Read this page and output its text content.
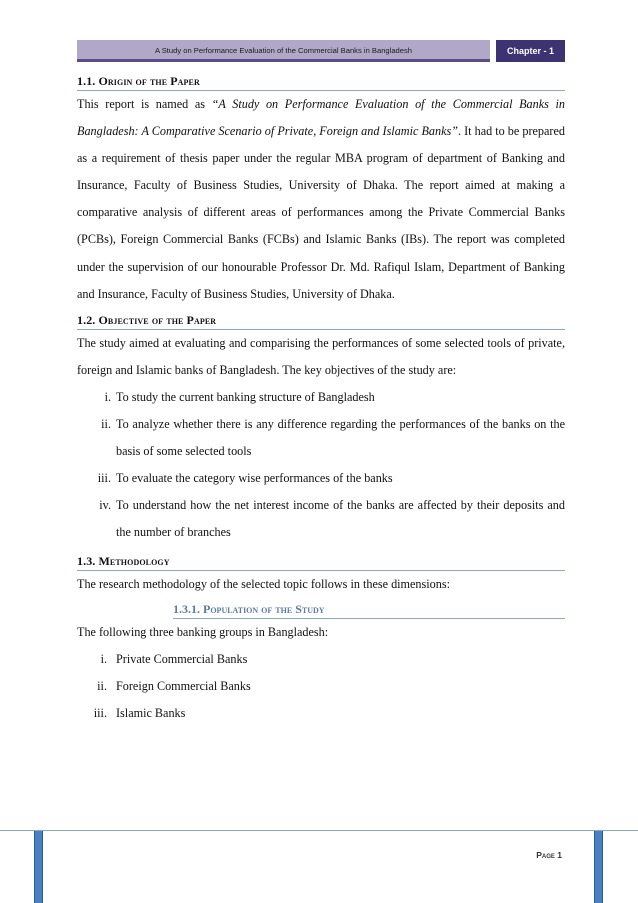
A Study on Performance Evaluation of the Commercial Banks in Bangladesh	Chapter - 1
1.1. Origin of the Paper

This report is named as “A Study on Performance Evaluation of the Commercial Banks in Bangladesh: A Comparative Scenario of Private, Foreign and Islamic Banks”. It had to be prepared as a requirement of thesis paper under the regular MBA program of department of Banking and Insurance, Faculty of Business Studies, University of Dhaka. The report aimed at making a comparative analysis of different areas of performances among the Private Commercial Banks (PCBs), Foreign Commercial Banks (FCBs) and Islamic Banks (IBs). The report was completed under the supervision of our honourable Professor Dr. Md. Rafiqul Islam, Department of Banking and Insurance, Faculty of Business Studies, University of Dhaka.

1.2. Objective of the Paper

The study aimed at evaluating and comparising the performances of some selected tools of private, foreign and Islamic banks of Bangladesh. The key objectives of the study are:

i. To study the current banking structure of Bangladesh
ii. To analyze whether there is any difference regarding the performances of the banks on the basis of some selected tools
iii. To evaluate the category wise performances of the banks
iv. To understand how the net interest income of the banks are affected by their deposits and the number of branches
1.3. Methodology

The research methodology of the selected topic follows in these dimensions:

1.3.1. Population of the Study

The following three banking groups in Bangladesh:

i. Private Commercial Banks
ii. Foreign Commercial Banks
iii. Islamic Banks
Page 1
